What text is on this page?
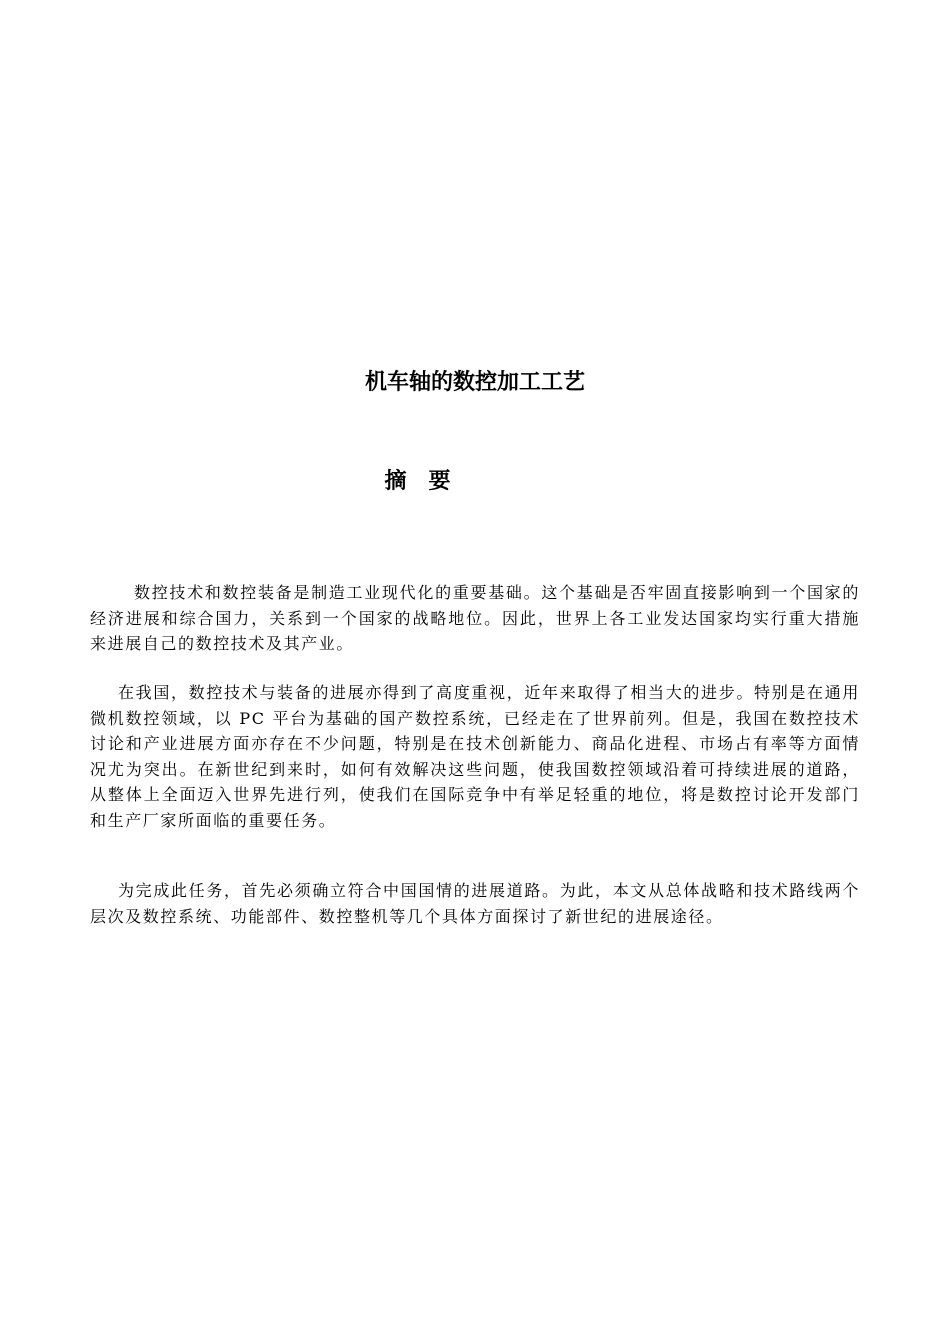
机车轴的数控加工工艺
摘要

数控技术和数控装备是制造工业现代化的重要基础。这个基础是否牢固直接影响到一个国家的经济进展和综合国力，关系到一个国家的战略地位。因此，世界上各工业发达国家均实行重大措施来进展自己的数控技术及其产业。

在我国，数控技术与装备的进展亦得到了高度重视，近年来取得了相当大的进步。特别是在通用微机数控领域，以 PC 平台为基础的国产数控系统，已经走在了世界前列。但是，我国在数控技术讨论和产业进展方面亦存在不少问题，特别是在技术创新能力、商品化进程、市场占有率等方面情况尤为突出。在新世纪到来时，如何有效解决这些问题，使我国数控领域沿着可持续进展的道路，从整体上全面迈入世界先进行列，使我们在国际竞争中有举足轻重的地位，将是数控讨论开发部门和生产厂家所面临的重要任务。

为完成此任务，首先必须确立符合中国国情的进展道路。为此，本文从总体战略和技术路线两个层次及数控系统、功能部件、数控整机等几个具体方面探讨了新世纪的进展途径。
